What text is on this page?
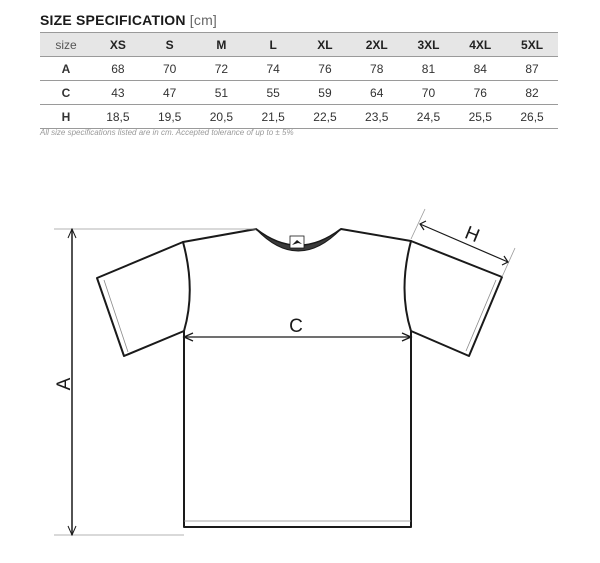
SIZE SPECIFICATION [cm]
size	XS	S	M	L	XL	2XL	3XL	4XL	5XL
A	68	70	72	74	76	78	81	84	87
C	43	47	51	55	59	64	70	76	82
H	18,5	19,5	20,5	21,5	22,5	23,5	24,5	25,5	26,5
All size specifications listed are in cm. Accepted tolerance of up to ± 5%
A
C
H
